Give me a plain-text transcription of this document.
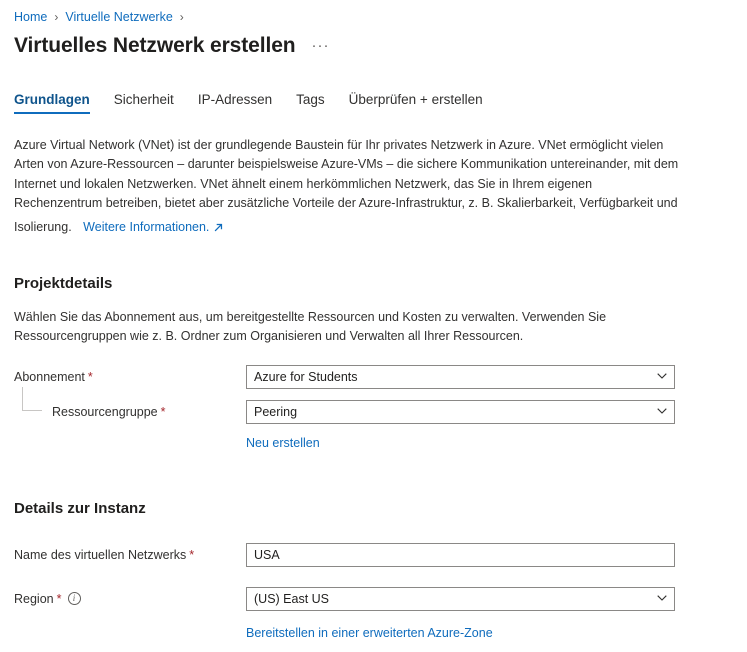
Home › Virtuelle Netzwerke ›
Virtuelles Netzwerk erstellen ···
Grundlagen	Sicherheit	IP-Adressen	Tags	Überprüfen + erstellen
Azure Virtual Network (VNet) ist der grundlegende Baustein für Ihr privates Netzwerk in Azure. VNet ermöglicht vielen Arten von Azure-Ressourcen – darunter beispielsweise Azure-VMs – die sichere Kommunikation untereinander, mit dem Internet und lokalen Netzwerken. VNet ähnelt einem herkömmlichen Netzwerk, das Sie in Ihrem eigenen Rechenzentrum betreiben, bietet aber zusätzliche Vorteile der Azure-Infrastruktur, z. B. Skalierbarkeit, Verfügbarkeit und Isolierung. Weitere Informationen.
Projektdetails
Wählen Sie das Abonnement aus, um bereitgestellte Ressourcen und Kosten zu verwalten. Verwenden Sie Ressourcengruppen wie z. B. Ordner zum Organisieren und Verwalten all Ihrer Ressourcen.
Abonnement *	Azure for Students
Ressourcengruppe *	Peering
Neu erstellen
Details zur Instanz
Name des virtuellen Netzwerks *	USA
Region *	i	(US) East US
Bereitstellen in einer erweiterten Azure-Zone
